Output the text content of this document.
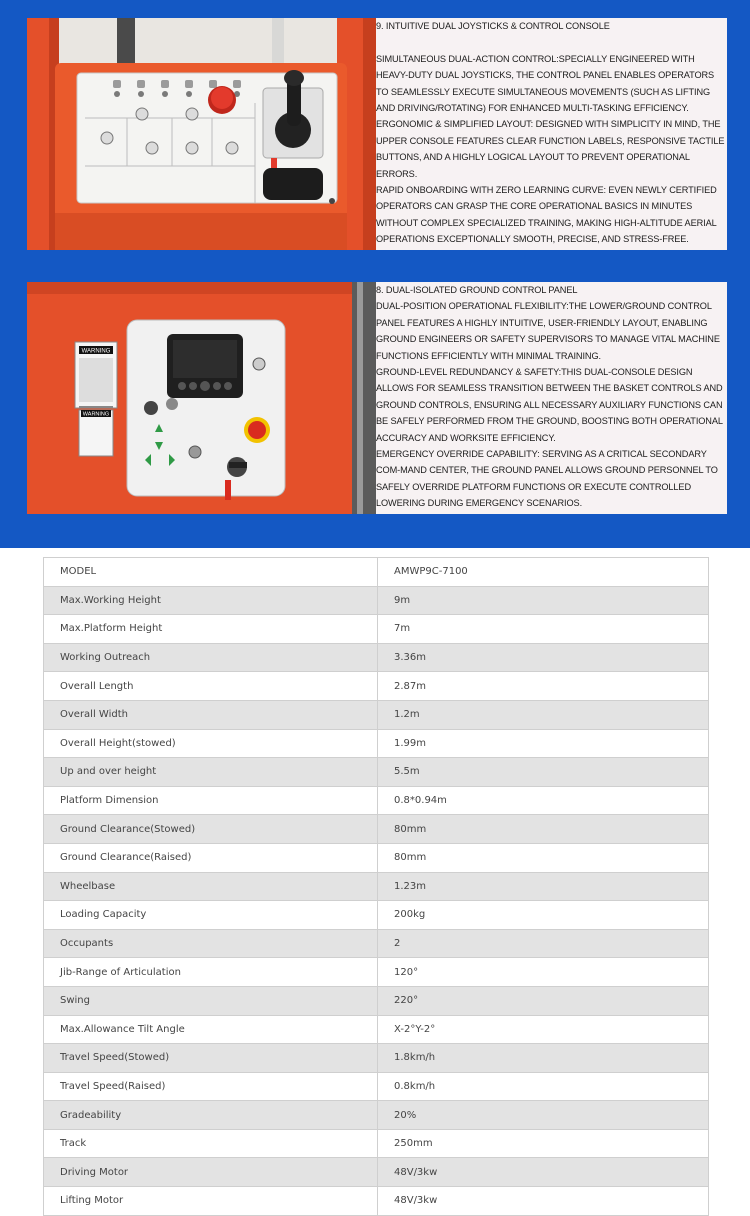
9. INTUITIVE DUAL JOYSTICKS & CONTROL CONSOLE

SIMULTANEOUS DUAL-ACTION CONTROL:SPECIALLY ENGINEERED WITH HEAVY-DUTY DUAL JOYSTICKS, THE CONTROL PANEL ENABLES OPERATORS TO SEAMLESSLY EXECUTE SIMULTANEOUS MOVEMENTS (SUCH AS LIFTING AND DRIVING/ROTATING) FOR ENHANCED MULTI-TASKING EFFICIENCY.

ERGONOMIC & SIMPLIFIED LAYOUT: DESIGNED WITH SIMPLICITY IN MIND, THE UPPER CONSOLE FEATURES CLEAR FUNCTION LABELS, RESPONSIVE TACTILE BUTTONS, AND A HIGHLY LOGICAL LAYOUT TO PREVENT OPERATIONAL ERRORS.

RAPID ONBOARDING WITH ZERO LEARNING CURVE: EVEN NEWLY CERTIFIED OPERATORS CAN GRASP THE CORE OPERATIONAL BASICS IN MINUTES WITHOUT COMPLEX SPECIALIZED TRAINING, MAKING HIGH-ALTITUDE AERIAL OPERATIONS EXCEPTIONALLY SMOOTH, PRECISE, AND STRESS-FREE.

WARNING
WARNING

8. DUAL-ISOLATED GROUND CONTROL PANEL

DUAL-POSITION OPERATIONAL FLEXIBILITY:THE LOWER/GROUND CONTROL PANEL FEATURES A HIGHLY INTUITIVE, USER-FRIENDLY LAYOUT, ENABLING GROUND ENGINEERS OR SAFETY SUPERVISORS TO MANAGE VITAL MACHINE FUNCTIONS EFFICIENTLY WITH MINIMAL TRAINING.

GROUND-LEVEL REDUNDANCY & SAFETY:THIS DUAL-CONSOLE DESIGN ALLOWS FOR SEAMLESS TRANSITION BETWEEN THE BASKET CONTROLS AND GROUND CONTROLS, ENSURING ALL NECESSARY AUXILIARY FUNCTIONS CAN BE SAFELY PERFORMED FROM THE GROUND, BOOSTING BOTH OPERATIONAL ACCURACY AND WORKSITE EFFICIENCY.

EMERGENCY OVERRIDE CAPABILITY: SERVING AS A CRITICAL SECONDARY COM-MAND CENTER, THE GROUND PANEL ALLOWS GROUND PERSONNEL TO SAFELY OVERRIDE PLATFORM FUNCTIONS OR EXECUTE CONTROLLED LOWERING DURING EMERGENCY SCENARIOS.

MODEL	AMWP9C-7100
Max.Working Height	9m
Max.Platform Height	7m
Working Outreach	3.36m
Overall Length	2.87m
Overall Width	1.2m
Overall Height(stowed)	1.99m
Up and over height	5.5m
Platform Dimension	0.8*0.94m
Ground Clearance(Stowed)	80mm
Ground Clearance(Raised)	80mm
Wheelbase	1.23m
Loading Capacity	200kg
Occupants	2
Jib-Range of Articulation	120°
Swing	220°
Max.Allowance Tilt Angle	X-2°Y-2°
Travel Speed(Stowed)	1.8km/h
Travel Speed(Raised)	0.8km/h
Gradeability	20%
Track	250mm
Driving Motor	48V/3kw
Lifting Motor	48V/3kw
